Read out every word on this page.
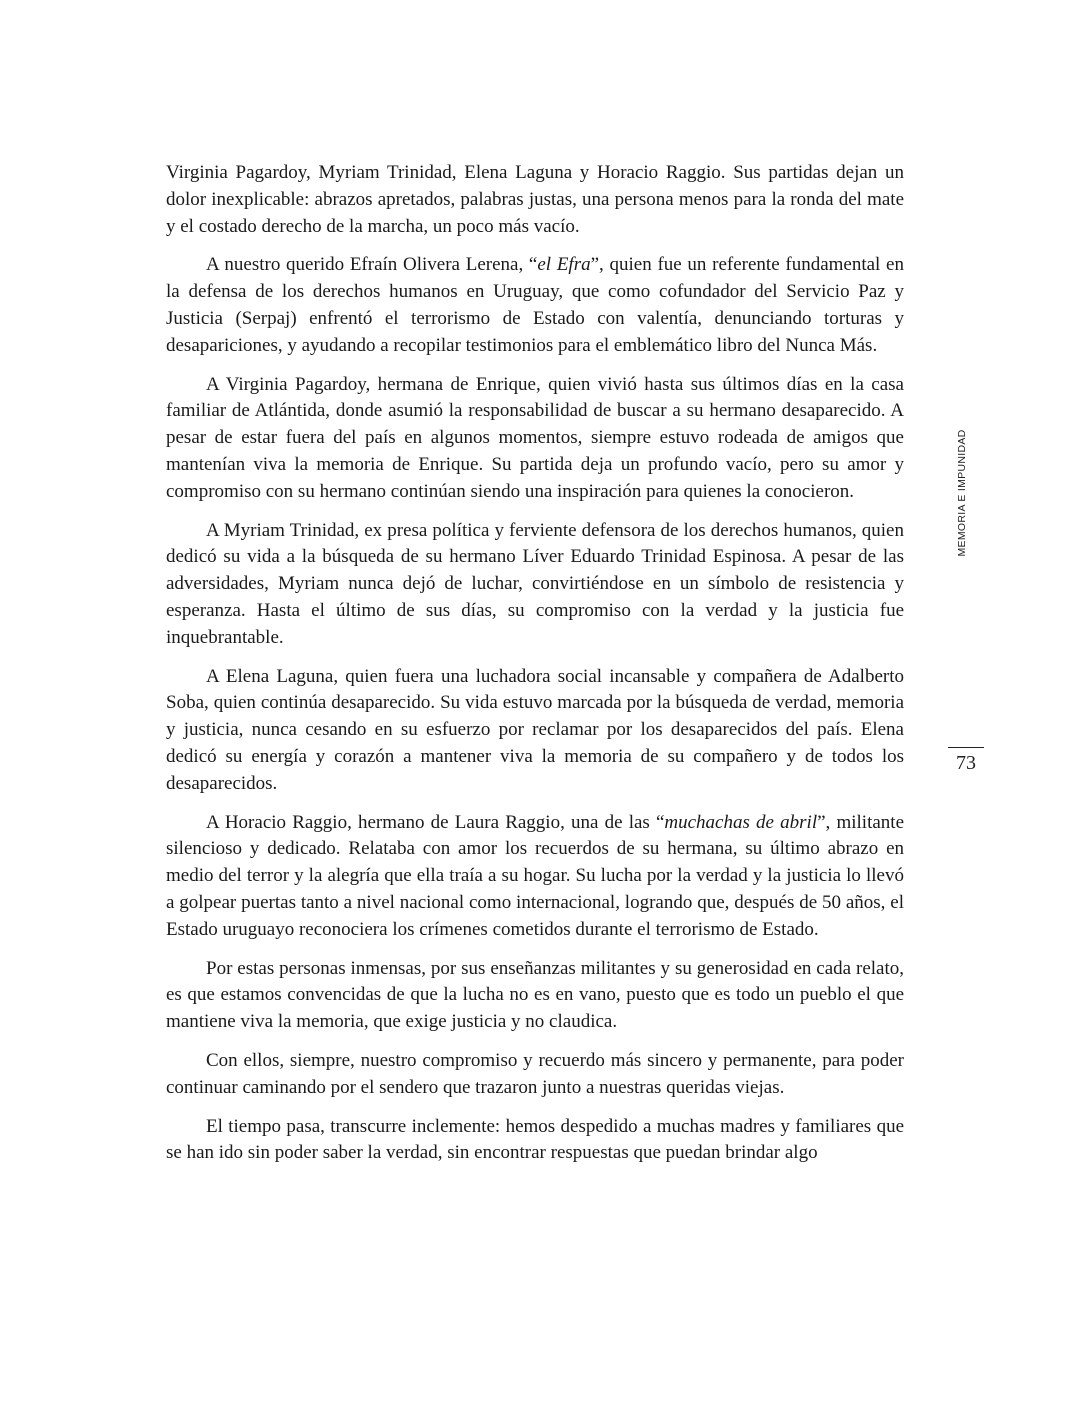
Virginia Pagardoy, Myriam Trinidad, Elena Laguna y Horacio Raggio. Sus partidas dejan un dolor inexplicable: abrazos apretados, palabras justas, una persona menos para la ronda del mate y el costado derecho de la marcha, un poco más vacío.

A nuestro querido Efraín Olivera Lerena, “el Efra”, quien fue un referente fundamental en la defensa de los derechos humanos en Uruguay, que como cofundador del Servicio Paz y Justicia (Serpaj) enfrentó el terrorismo de Estado con valentía, denunciando torturas y desapariciones, y ayudando a recopilar testimonios para el emblemático libro del Nunca Más.

A Virginia Pagardoy, hermana de Enrique, quien vivió hasta sus últimos días en la casa familiar de Atlántida, donde asumió la responsabilidad de buscar a su hermano desaparecido. A pesar de estar fuera del país en algunos momentos, siempre estuvo rodeada de amigos que mantenían viva la memoria de Enrique. Su partida deja un profundo vacío, pero su amor y compromiso con su hermano continúan siendo una inspiración para quienes la conocieron.

A Myriam Trinidad, ex presa política y ferviente defensora de los derechos humanos, quien dedicó su vida a la búsqueda de su hermano Líver Eduardo Trinidad Espinosa. A pesar de las adversidades, Myriam nunca dejó de luchar, convirtiéndose en un símbolo de resistencia y esperanza. Hasta el último de sus días, su compromiso con la verdad y la justicia fue inquebrantable.

A Elena Laguna, quien fuera una luchadora social incansable y compañera de Adalberto Soba, quien continúa desaparecido. Su vida estuvo marcada por la búsqueda de verdad, memoria y justicia, nunca cesando en su esfuerzo por reclamar por los desaparecidos del país. Elena dedicó su energía y corazón a mantener viva la memoria de su compañero y de todos los desaparecidos.

A Horacio Raggio, hermano de Laura Raggio, una de las “muchachas de abril”, militante silencioso y dedicado. Relataba con amor los recuerdos de su hermana, su último abrazo en medio del terror y la alegría que ella traía a su hogar. Su lucha por la verdad y la justicia lo llevó a golpear puertas tanto a nivel nacional como internacional, logrando que, después de 50 años, el Estado uruguayo reconociera los crímenes cometidos durante el terrorismo de Estado.

Por estas personas inmensas, por sus enseñanzas militantes y su generosidad en cada relato, es que estamos convencidas de que la lucha no es en vano, puesto que es todo un pueblo el que mantiene viva la memoria, que exige justicia y no claudica.

Con ellos, siempre, nuestro compromiso y recuerdo más sincero y permanente, para poder continuar caminando por el sendero que trazaron junto a nuestras queridas viejas.

El tiempo pasa, transcurre inclemente: hemos despedido a muchas madres y familiares que se han ido sin poder saber la verdad, sin encontrar respuestas que puedan brindar algo

MEMORIA E IMPUNIDAD
73
